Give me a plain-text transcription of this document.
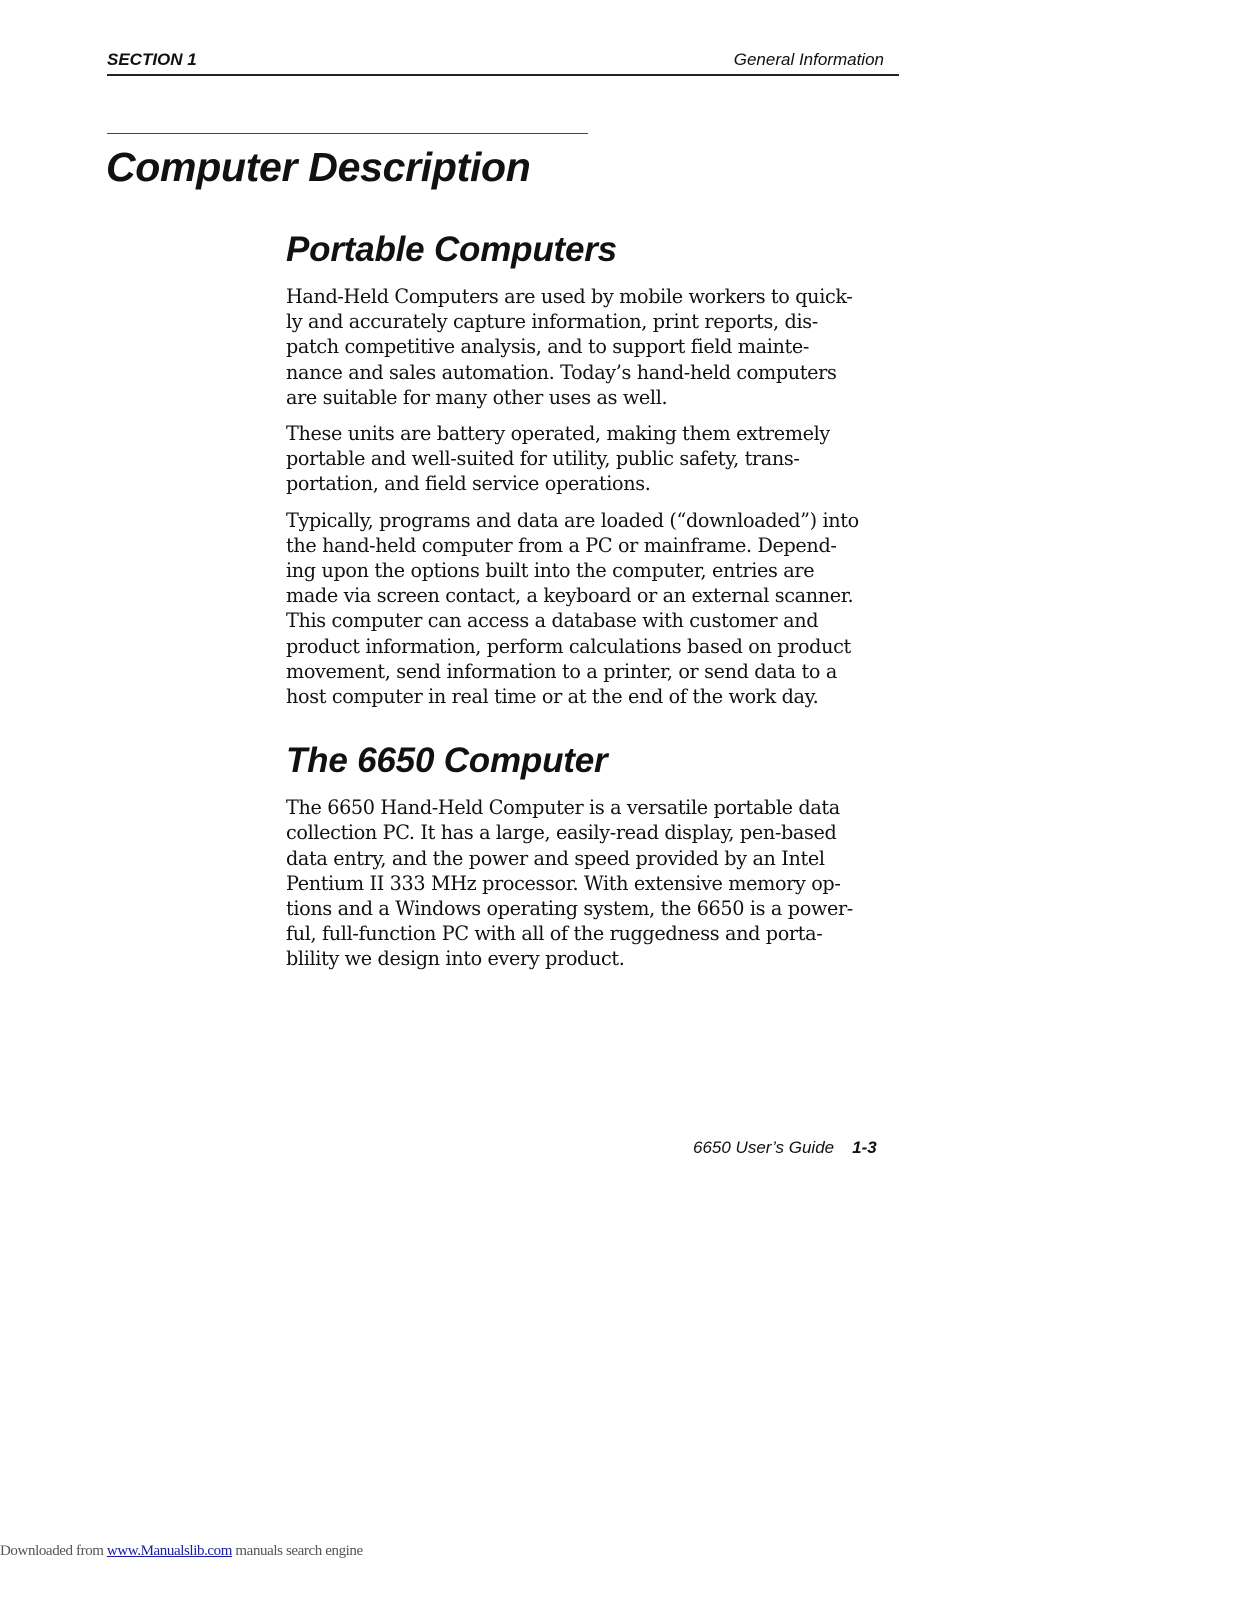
SECTION 1	General Information
Computer Description
Portable Computers

Hand-Held Computers are used by mobile workers to quick-
ly and accurately capture information, print reports, dis-
patch competitive analysis, and to support field mainte-
nance and sales automation. Today’s hand-held computers
are suitable for many other uses as well.

These units are battery operated, making them extremely
portable and well-suited for utility, public safety, trans-
portation, and field service operations.

Typically, programs and data are loaded (“downloaded”) into
the hand-held computer from a PC or mainframe. Depend-
ing upon the options built into the computer, entries are
made via screen contact, a keyboard or an external scanner.
This computer can access a database with customer and
product information, perform calculations based on product
movement, send information to a printer, or send data to a
host computer in real time or at the end of the work day.

The 6650 Computer

The 6650 Hand-Held Computer is a versatile portable data
collection PC. It has a large, easily-read display, pen-based
data entry, and the power and speed provided by an Intel
Pentium II 333 MHz processor. With extensive memory op-
tions and a Windows operating system, the 6650 is a power-
ful, full-function PC with all of the ruggedness and porta-
blility we design into every product.

6650 User’s Guide 1-3
Downloaded from www.Manualslib.com manuals search engine
